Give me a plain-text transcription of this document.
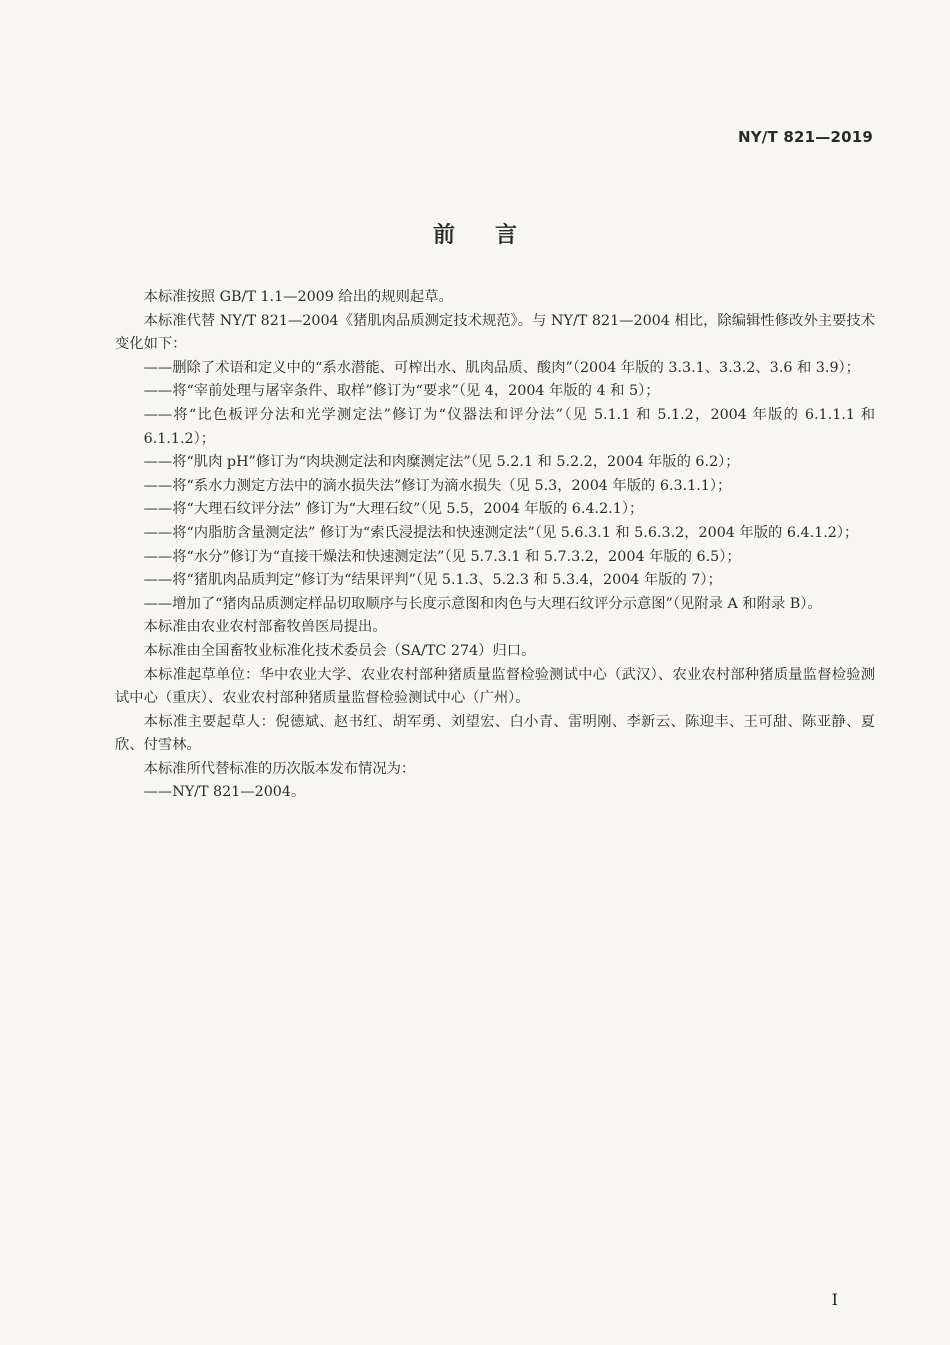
NY/T 821—2019
前言

本标准按照 GB/T 1.1—2009 给出的规则起草。

本标准代替 NY/T 821—2004《猪肌肉品质测定技术规范》。与 NY/T 821—2004 相比，除编辑性修改外主要技术变化如下：

——删除了术语和定义中的“系水潜能、可榨出水、肌肉品质、酸肉”（2004 年版的 3.3.1、3.3.2、3.6 和 3.9）；

——将“宰前处理与屠宰条件、取样”修订为“要求”（见 4，2004 年版的 4 和 5）；

——将“比色板评分法和光学测定法”修订为“仪器法和评分法”（见 5.1.1 和 5.1.2，2004 年版的 6.1.1.1 和 6.1.1.2）；

——将“肌肉 pH”修订为“肉块测定法和肉糜测定法”（见 5.2.1 和 5.2.2，2004 年版的 6.2）；

——将“系水力测定方法中的滴水损失法”修订为滴水损失（见 5.3，2004 年版的 6.3.1.1）；

——将“大理石纹评分法” 修订为“大理石纹”（见 5.5，2004 年版的 6.4.2.1）；

——将“内脂肪含量测定法” 修订为“索氏浸提法和快速测定法”（见 5.6.3.1 和 5.6.3.2，2004 年版的 6.4.1.2）；

——将“水分”修订为“直接干燥法和快速测定法”（见 5.7.3.1 和 5.7.3.2，2004 年版的 6.5）；

——将“猪肌肉品质判定”修订为“结果评判”（见 5.1.3、5.2.3 和 5.3.4，2004 年版的 7）；

——增加了“猪肉品质测定样品切取顺序与长度示意图和肉色与大理石纹评分示意图”（见附录 A 和附录 B）。

本标准由农业农村部畜牧兽医局提出。

本标准由全国畜牧业标准化技术委员会（SA/TC 274）归口。

本标准起草单位：华中农业大学、农业农村部种猪质量监督检验测试中心（武汉）、农业农村部种猪质量监督检验测试中心（重庆）、农业农村部种猪质量监督检验测试中心（广州）。

本标准主要起草人：倪德斌、赵书红、胡军勇、刘望宏、白小青、雷明刚、李新云、陈迎丰、王可甜、陈亚静、夏欣、付雪林。

本标准所代替标准的历次版本发布情况为：

——NY/T 821—2004。

I
